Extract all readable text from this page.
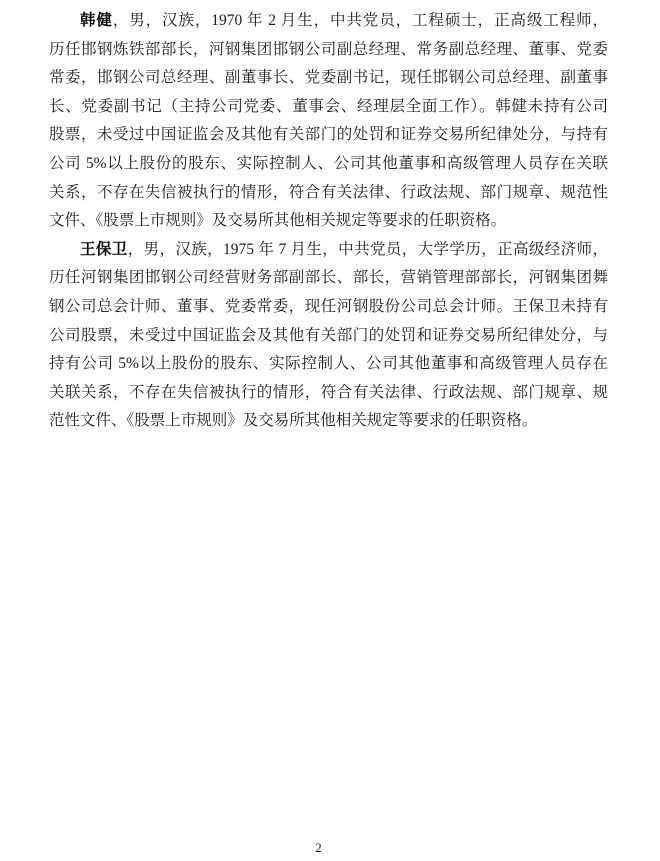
韩健，男，汉族，1970 年 2 月生，中共党员，工程硕士，正高级工程师，
历任邯钢炼铁部部长，河钢集团邯钢公司副总经理、常务副总经理、董事、党委
常委，邯钢公司总经理、副董事长、党委副书记，现任邯钢公司总经理、副董事
长、党委副书记（主持公司党委、董事会、经理层全面工作）。韩健未持有公司
股票，未受过中国证监会及其他有关部门的处罚和证券交易所纪律处分，与持有
公司 5%以上股份的股东、实际控制人、公司其他董事和高级管理人员存在关联
关系，不存在失信被执行的情形，符合有关法律、行政法规、部门规章、规范性
文件、《股票上市规则》及交易所其他相关规定等要求的任职资格。

王保卫，男，汉族，1975 年 7 月生，中共党员，大学学历，正高级经济师，
历任河钢集团邯钢公司经营财务部副部长、部长，营销管理部部长，河钢集团舞
钢公司总会计师、董事、党委常委，现任河钢股份公司总会计师。王保卫未持有
公司股票，未受过中国证监会及其他有关部门的处罚和证券交易所纪律处分，与
持有公司 5%以上股份的股东、实际控制人、公司其他董事和高级管理人员存在
关联关系，不存在失信被执行的情形，符合有关法律、行政法规、部门规章、规
范性文件、《股票上市规则》及交易所其他相关规定等要求的任职资格。

2
